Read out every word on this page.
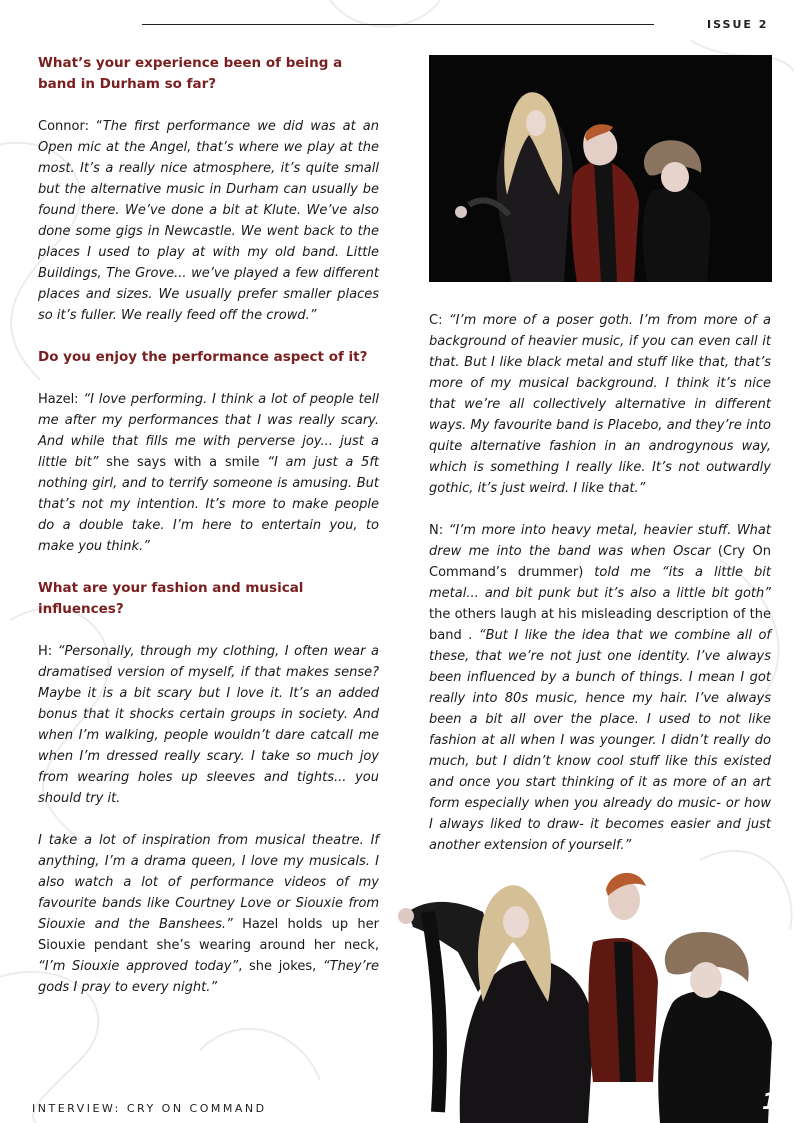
ISSUE 2
What’s your experience been of being a band in Durham so far?
Connor: “The first performance we did was at an Open mic at the Angel, that’s where we play at the most. It’s a really nice atmosphere, it’s quite small but the alternative music in Durham can usually be found there. We’ve done a bit at Klute. We’ve also done some gigs in Newcastle. We went back to the places I used to play at with my old band. Little Buildings, The Grove... we’ve played a few different places and sizes. We usually prefer smaller places so it’s fuller. We really feed off the crowd.”
Do you enjoy the performance aspect of it?
Hazel: “I love performing. I think a lot of people tell me after my performances that I was really scary. And while that fills me with perverse joy... just a little bit” she says with a smile “I am just a 5ft nothing girl, and to terrify someone is amusing. But that’s not my intention. It’s more to make people do a double take. I’m here to entertain you, to make you think.”
What are your fashion and musical influences?
H: “Personally, through my clothing, I often wear a dramatised version of myself, if that makes sense? Maybe it is a bit scary but I love it. It’s an added bonus that it shocks certain groups in society. And when I’m walking, people wouldn’t dare catcall me when I’m dressed really scary. I take so much joy from wearing holes up sleeves and tights... you should try it.
I take a lot of inspiration from musical theatre. If anything, I’m a drama queen, I love my musicals. I also watch a lot of performance videos of my favourite bands like Courtney Love or Siouxie from Siouxie and the Banshees.” Hazel holds up her Siouxie pendant she’s wearing around her neck, “I’m Siouxie approved today”, she jokes, “They’re gods I pray to every night.”
C: “I’m more of a poser goth. I’m from more of a background of heavier music, if you can even call it that. But I like black metal and stuff like that, that’s more of my musical background. I think it’s nice that we’re all collectively alternative in different ways. My favourite band is Placebo, and they’re into quite alternative fashion in an androgynous way, which is something I really like. It’s not outwardly gothic, it’s just weird. I like that.”
N: “I’m more into heavy metal, heavier stuff. What drew me into the band was when Oscar (Cry On Command’s drummer) told me “its a little bit metal... and bit punk but it’s also a little bit goth” the others laugh at his misleading description of the band . “But I like the idea that we combine all of these, that we’re not just one identity. I’ve always been influenced by a bunch of things. I mean I got really into 80s music, hence my hair. I’ve always been a bit all over the place. I used to not like fashion at all when I was younger. I didn’t really do much, but I didn’t know cool stuff like this existed and once you start thinking of it as more of an art form especially when you already do music- or how I always liked to draw- it becomes easier and just another extension of yourself.”
INTERVIEW: CRY ON COMMAND	11
